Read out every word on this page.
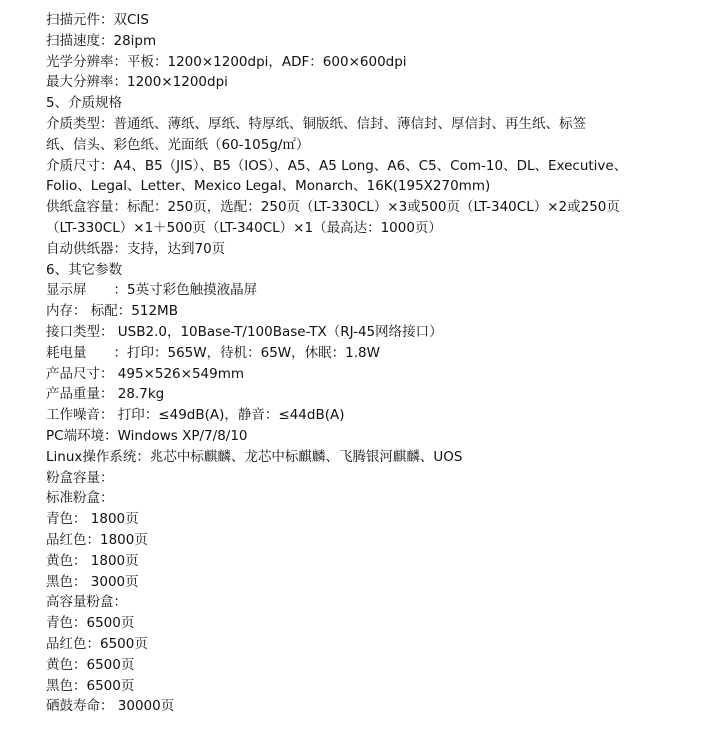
扫描元件：双CIS
扫描速度：28ipm
光学分辨率：平板：1200×1200dpi，ADF：600×600dpi
最大分辨率：1200×1200dpi
5、介质规格
介质类型：普通纸、薄纸、厚纸、特厚纸、铜版纸、信封、薄信封、厚信封、再生纸、标签
纸、信头、彩色纸、光面纸（60-105g/㎡）
介质尺寸：A4、B5（JIS）、B5（IOS）、A5、A5 Long、A6、C5、Com-10、DL、Executive、
Folio、Legal、Letter、Mexico Legal、Monarch、16K(195X270mm)
供纸盒容量：标配：250页，选配：250页（LT-330CL）×3或500页（LT-340CL）×2或250页
（LT-330CL）×1＋500页（LT-340CL）×1（最高达：1000页）
自动供纸器：支持，达到70页
6、其它参数
显示屏　　：5英寸彩色触摸液晶屏
内存： 标配：512MB
接口类型： USB2.0，10Base-T/100Base-TX（RJ-45网络接口）
耗电量　　：打印：565W，待机：65W，休眠：1.8W
产品尺寸： 495×526×549mm
产品重量： 28.7kg
工作噪音： 打印：≤49dB(A)，静音：≤44dB(A)
PC端环境：Windows XP/7/8/10
Linux操作系统：兆芯中标麒麟、龙芯中标麒麟、飞腾银河麒麟、UOS
粉盒容量：
标准粉盒：
青色： 1800页
品红色：1800页
黄色： 1800页
黑色： 3000页
高容量粉盒：
青色：6500页
品红色：6500页
黄色：6500页
黑色：6500页
硒鼓寿命： 30000页
